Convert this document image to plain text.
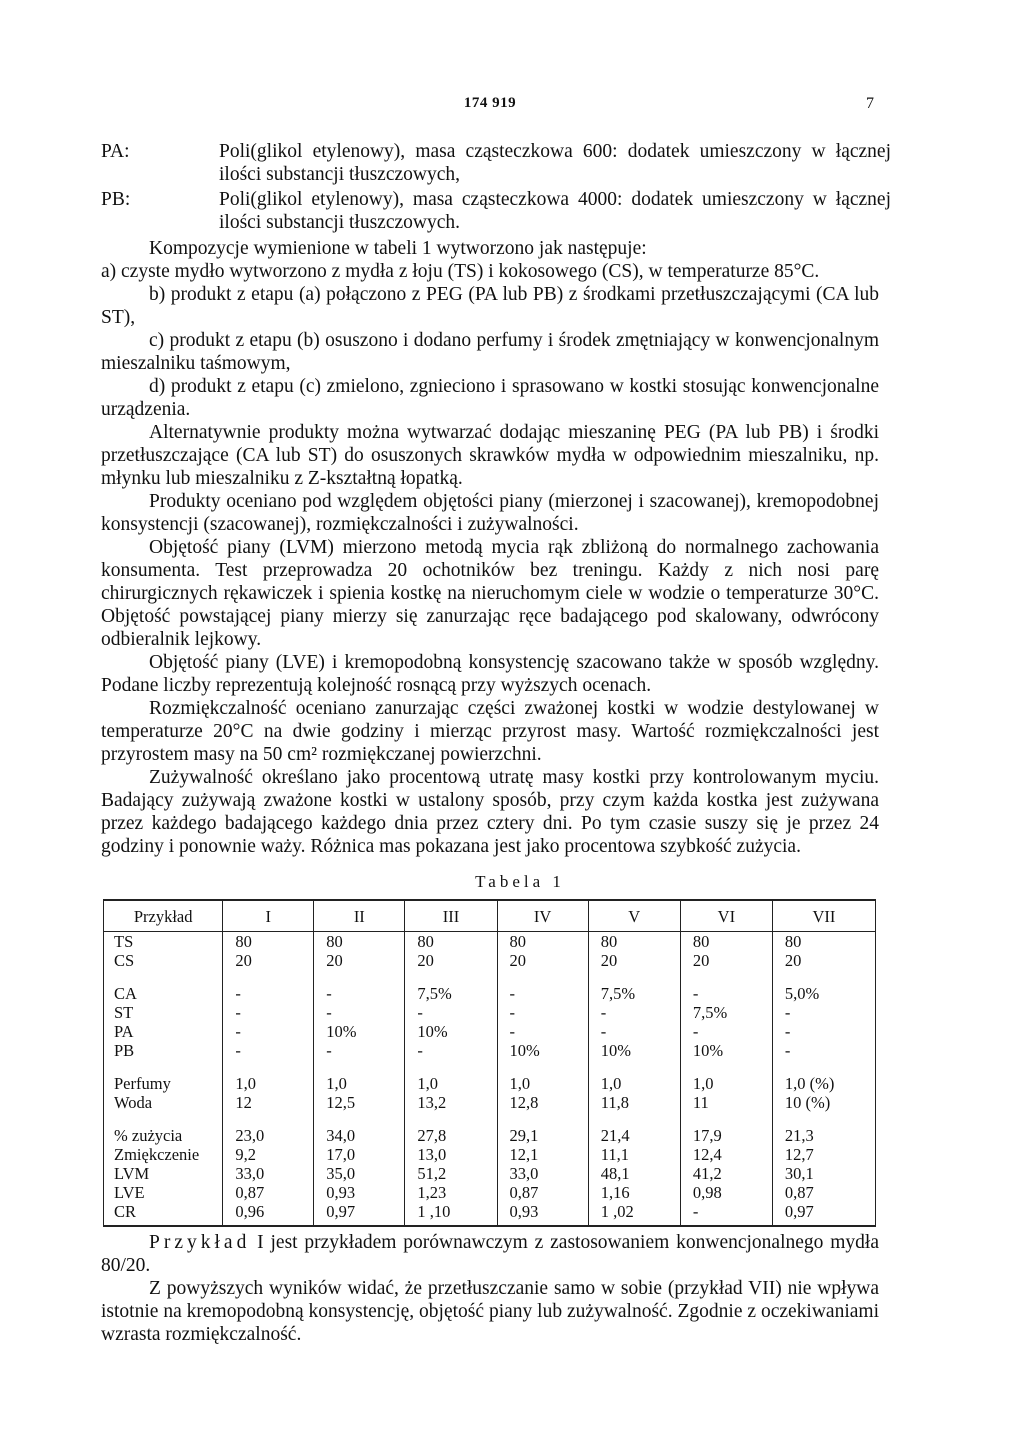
174 919	7
PA:	Poli(glikol etylenowy), masa cząsteczkowa 600: dodatek umieszczony w łącznej ilości substancji tłuszczowych,
PB:	Poli(glikol etylenowy), masa cząsteczkowa 4000: dodatek umieszczony w łącznej ilości substancji tłuszczowych.

Kompozycje wymienione w tabeli 1 wytworzono jak następuje:

a) czyste mydło wytworzono z mydła z łoju (TS) i kokosowego (CS), w temperaturze 85°C.

b) produkt z etapu (a) połączono z PEG (PA lub PB) z środkami przetłuszczającymi (CA lub ST),

c) produkt z etapu (b) osuszono i dodano perfumy i środek zmętniający w konwencjonalnym mieszalniku taśmowym,

d) produkt z etapu (c) zmielono, zgnieciono i sprasowano w kostki stosując konwencjonalne urządzenia.

Alternatywnie produkty można wytwarzać dodając mieszaninę PEG (PA lub PB) i środki przetłuszczające (CA lub ST) do osuszonych skrawków mydła w odpowiednim mieszalniku, np. młynku lub mieszalniku z Z-kształtną łopatką.

Produkty oceniano pod względem objętości piany (mierzonej i szacowanej), kremopodobnej konsystencji (szacowanej), rozmiękczalności i zużywalności.

Objętość piany (LVM) mierzono metodą mycia rąk zbliżoną do normalnego zachowania konsumenta. Test przeprowadza 20 ochotników bez treningu. Każdy z nich nosi parę chirurgicznych rękawiczek i spienia kostkę na nieruchomym ciele w wodzie o temperaturze 30°C. Objętość powstającej piany mierzy się zanurzając ręce badającego pod skalowany, odwrócony odbieralnik lejkowy.

Objętość piany (LVE) i kremopodobną konsystencję szacowano także w sposób względny. Podane liczby reprezentują kolejność rosnącą przy wyższych ocenach.

Rozmiękczalność oceniano zanurzając części zważonej kostki w wodzie destylowanej w temperaturze 20°C na dwie godziny i mierząc przyrost masy. Wartość rozmiękczalności jest przyrostem masy na 50 cm² rozmiękczanej powierzchni.

Zużywalność określano jako procentową utratę masy kostki przy kontrolowanym myciu. Badający zużywają zważone kostki w ustalony sposób, przy czym każda kostka jest zużywana przez każdego badającego każdego dnia przez cztery dni. Po tym czasie suszy się je przez 24 godziny i ponownie waży. Różnica mas pokazana jest jako procentowa szybkość zużycia.

Tabela 1
Przykład	I	II	III	IV	V	VI	VII
TS	80	80	80	80	80	80	80
CS	20	20	20	20	20	20	20

CA	-	-	7,5%	-	7,5%	-	5,0%
ST	-	-	-	-	-	7,5%	-
PA	-	10%	10%	-	-	-	-
PB	-	-	-	10%	10%	10%	-

Perfumy	1,0	1,0	1,0	1,0	1,0	1,0	1,0 (%)
Woda	12	12,5	13,2	12,8	11,8	11	10 (%)

% zużycia	23,0	34,0	27,8	29,1	21,4	17,9	21,3
Zmiękczenie	9,2	17,0	13,0	12,1	11,1	12,4	12,7
LVM	33,0	35,0	51,2	33,0	48,1	41,2	30,1
LVE	0,87	0,93	1,23	0,87	1,16	0,98	0,87
CR	0,96	0,97	1 ,10	0,93	1 ,02	-	0,97

Przykład I jest przykładem porównawczym z zastosowaniem konwencjonalnego mydła 80/20.

Z powyższych wyników widać, że przetłuszczanie samo w sobie (przykład VII) nie wpływa istotnie na kremopodobną konsystencję, objętość piany lub zużywalność. Zgodnie z oczekiwaniami wzrasta rozmiękczalność.
